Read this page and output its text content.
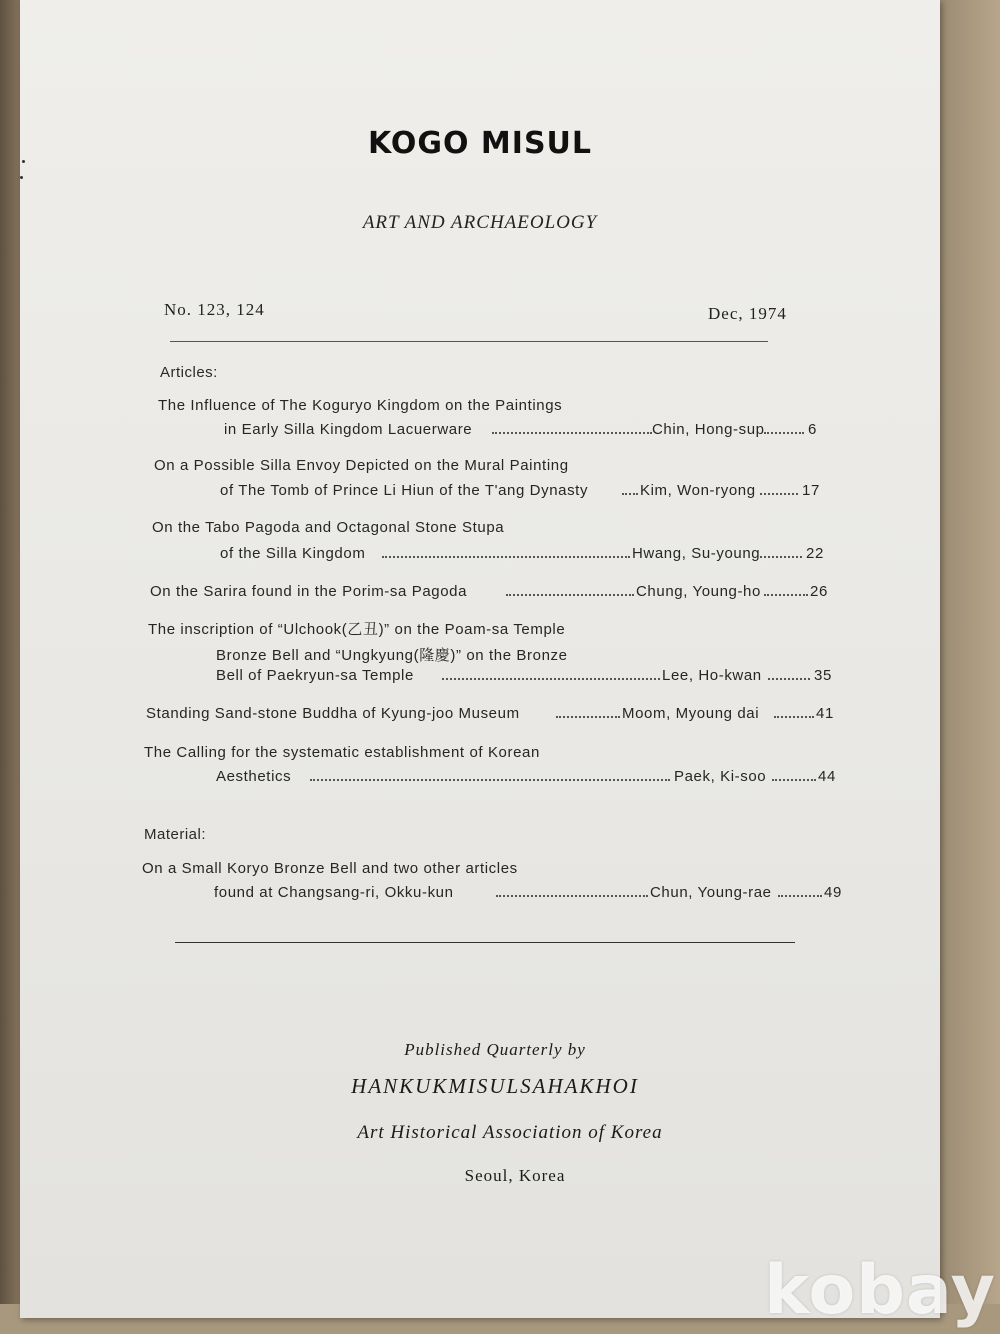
KOGO MISUL
ART AND ARCHAEOLOGY
No. 123, 124	Dec, 1974
Articles:
The Influence of The Koguryo Kingdom on the Paintings
in Early Silla Kingdom Lacuerware	Chin, Hong-sup	6
On a Possible Silla Envoy Depicted on the Mural Painting
of The Tomb of Prince Li Hiun of the T'ang Dynasty	Kim, Won-ryong	17
On the Tabo Pagoda and Octagonal Stone Stupa
of the Silla Kingdom	Hwang, Su-young	22
On the Sarira found in the Porim-sa Pagoda	Chung, Young-ho	26
The inscription of “Ulchook(乙丑)” on the Poam-sa Temple
Bronze Bell and “Ungkyung(隆慶)” on the Bronze
Bell of Paekryun-sa Temple	Lee, Ho-kwan	35
Standing Sand-stone Buddha of Kyung-joo Museum	Moom, Myoung dai	41
The Calling for the systematic establishment of Korean
Aesthetics	Paek, Ki-soo	44
Material:
On a Small Koryo Bronze Bell and two other articles
found at Changsang-ri, Okku-kun	Chun, Young-rae	49
Published Quarterly by
HANKUKMISULSAHAKHOI
Art Historical Association of Korea
Seoul, Korea
kobay
